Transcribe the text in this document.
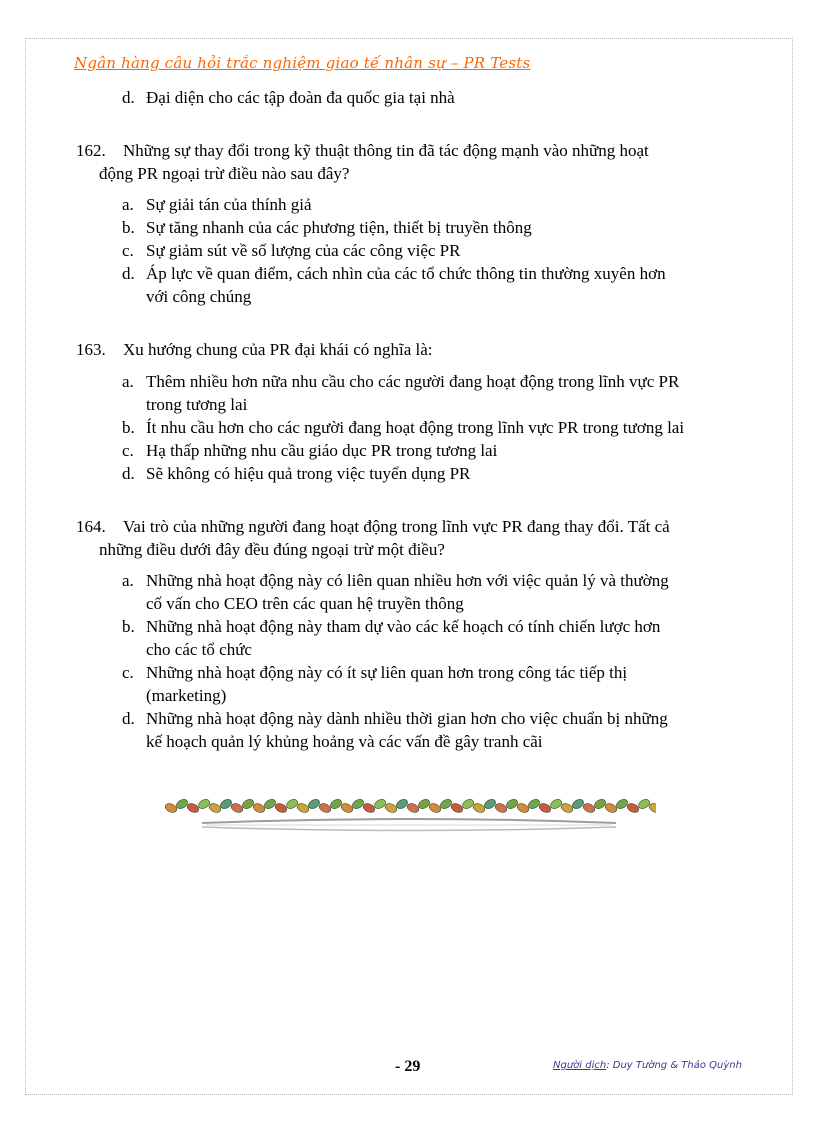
Ngân hàng câu hỏi trắc nghiệm giao tế nhân sự – PR Tests
d. Đại diện cho các tập đoàn đa quốc gia tại nhà
162. Những sự thay đổi trong kỹ thuật thông tin đã tác động mạnh vào những hoạt
động PR ngoại trừ điều nào sau đây?
a. Sự giải tán của thính giả
b. Sự tăng nhanh của các phương tiện, thiết bị truyền thông
c. Sự giảm sút về số lượng của các công việc PR
d. Áp lực về quan điểm, cách nhìn của các tổ chức thông tin thường xuyên hơn
với công chúng
163. Xu hướng chung của PR đại khái có nghĩa là:
a. Thêm nhiều hơn nữa nhu cầu cho các người đang hoạt động trong lĩnh vực PR
trong tương lai
b. Ít nhu cầu hơn cho các người đang hoạt động trong lĩnh vực PR trong tương lai
c. Hạ thấp những nhu cầu giáo dục PR trong tương lai
d. Sẽ không có hiệu quả trong việc tuyển dụng PR
164. Vai trò của những người đang hoạt động trong lĩnh vực PR đang thay đổi. Tất cả
những điều dưới đây đều đúng ngoại trừ một điều?
a. Những nhà hoạt động này có liên quan nhiều hơn với việc quản lý và thường
cố vấn cho CEO trên các quan hệ truyền thông
b. Những nhà hoạt động này tham dự vào các kế hoạch có tính chiến lược hơn
cho các tổ chức
c. Những nhà hoạt động này có ít sự liên quan hơn trong công tác tiếp thị
(marketing)
d. Những nhà hoạt động này dành nhiều thời gian hơn cho việc chuẩn bị những
kế hoạch quản lý khủng hoảng và các vấn đề gây tranh cãi
- 29	Người dịch: Duy Tường & Thảo Quỳnh
